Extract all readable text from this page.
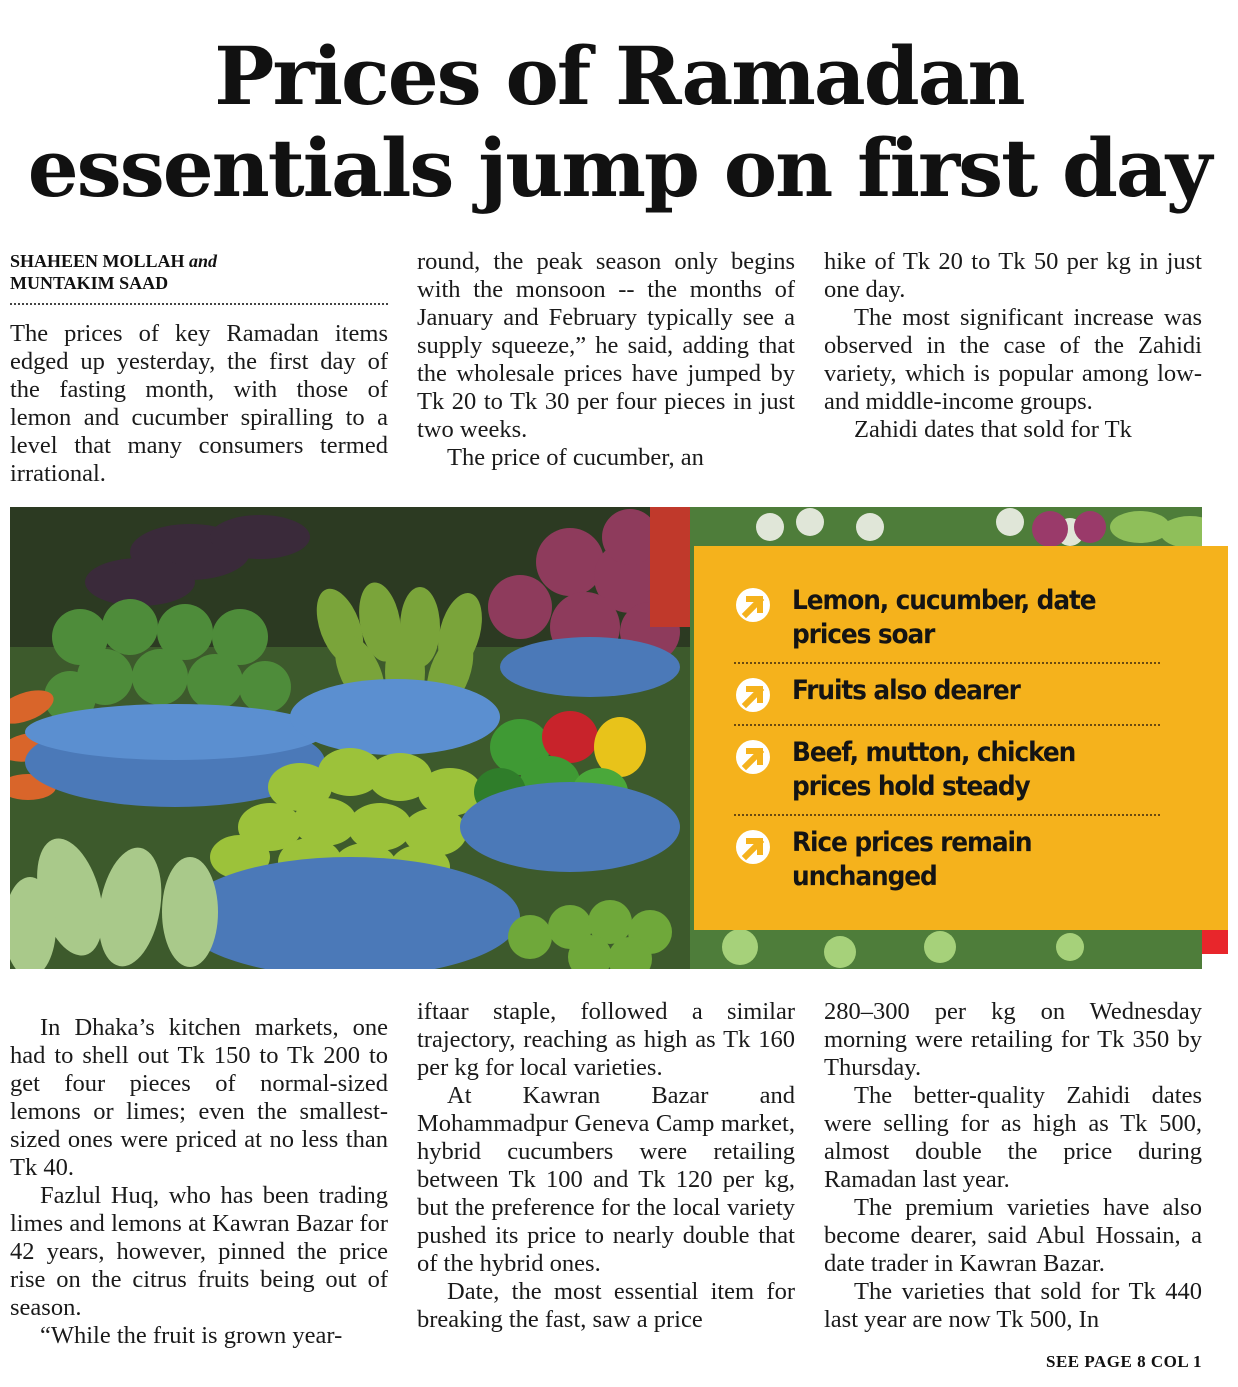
Prices of Ramadan
essentials jump on first day
SHAHEEN MOLLAH and
MUNTAKIM SAAD

The prices of key Ramadan items edged up yesterday, the first day of the fasting month, with those of lemon and cucumber spiralling to a level that many consumers termed irrational.

round, the peak season only begins with the monsoon -- the months of January and February typically see a supply squeeze,” he said, adding that the wholesale prices have jumped by Tk 20 to Tk 30 per four pieces in just two weeks.

The price of cucumber, an

hike of Tk 20 to Tk 50 per kg in just one day.

The most significant increase was observed in the case of the Zahidi variety, which is popular among low- and middle-income groups.

Zahidi dates that sold for Tk

Lemon, cucumber, date
prices soar
Fruits also dearer
Beef, mutton, chicken
prices hold steady
Rice prices remain
unchanged

In Dhaka’s kitchen markets, one had to shell out Tk 150 to Tk 200 to get four pieces of normal-sized lemons or limes; even the smallest-sized ones were priced at no less than Tk 40.

Fazlul Huq, who has been trading limes and lemons at Kawran Bazar for 42 years, however, pinned the price rise on the citrus fruits being out of season.

“While the fruit is grown year-

iftaar staple, followed a similar trajectory, reaching as high as Tk 160 per kg for local varieties.

At Kawran Bazar and Mohammadpur Geneva Camp market, hybrid cucumbers were retailing between Tk 100 and Tk 120 per kg, but the preference for the local variety pushed its price to nearly double that of the hybrid ones.

Date, the most essential item for breaking the fast, saw a price

280–300 per kg on Wednesday morning were retailing for Tk 350 by Thursday.

The better-quality Zahidi dates were selling for as high as Tk 500, almost double the price during Ramadan last year.

The premium varieties have also become dearer, said Abul Hossain, a date trader in Kawran Bazar.

The varieties that sold for Tk 440 last year are now Tk 500, In

SEE PAGE 8 COL 1
